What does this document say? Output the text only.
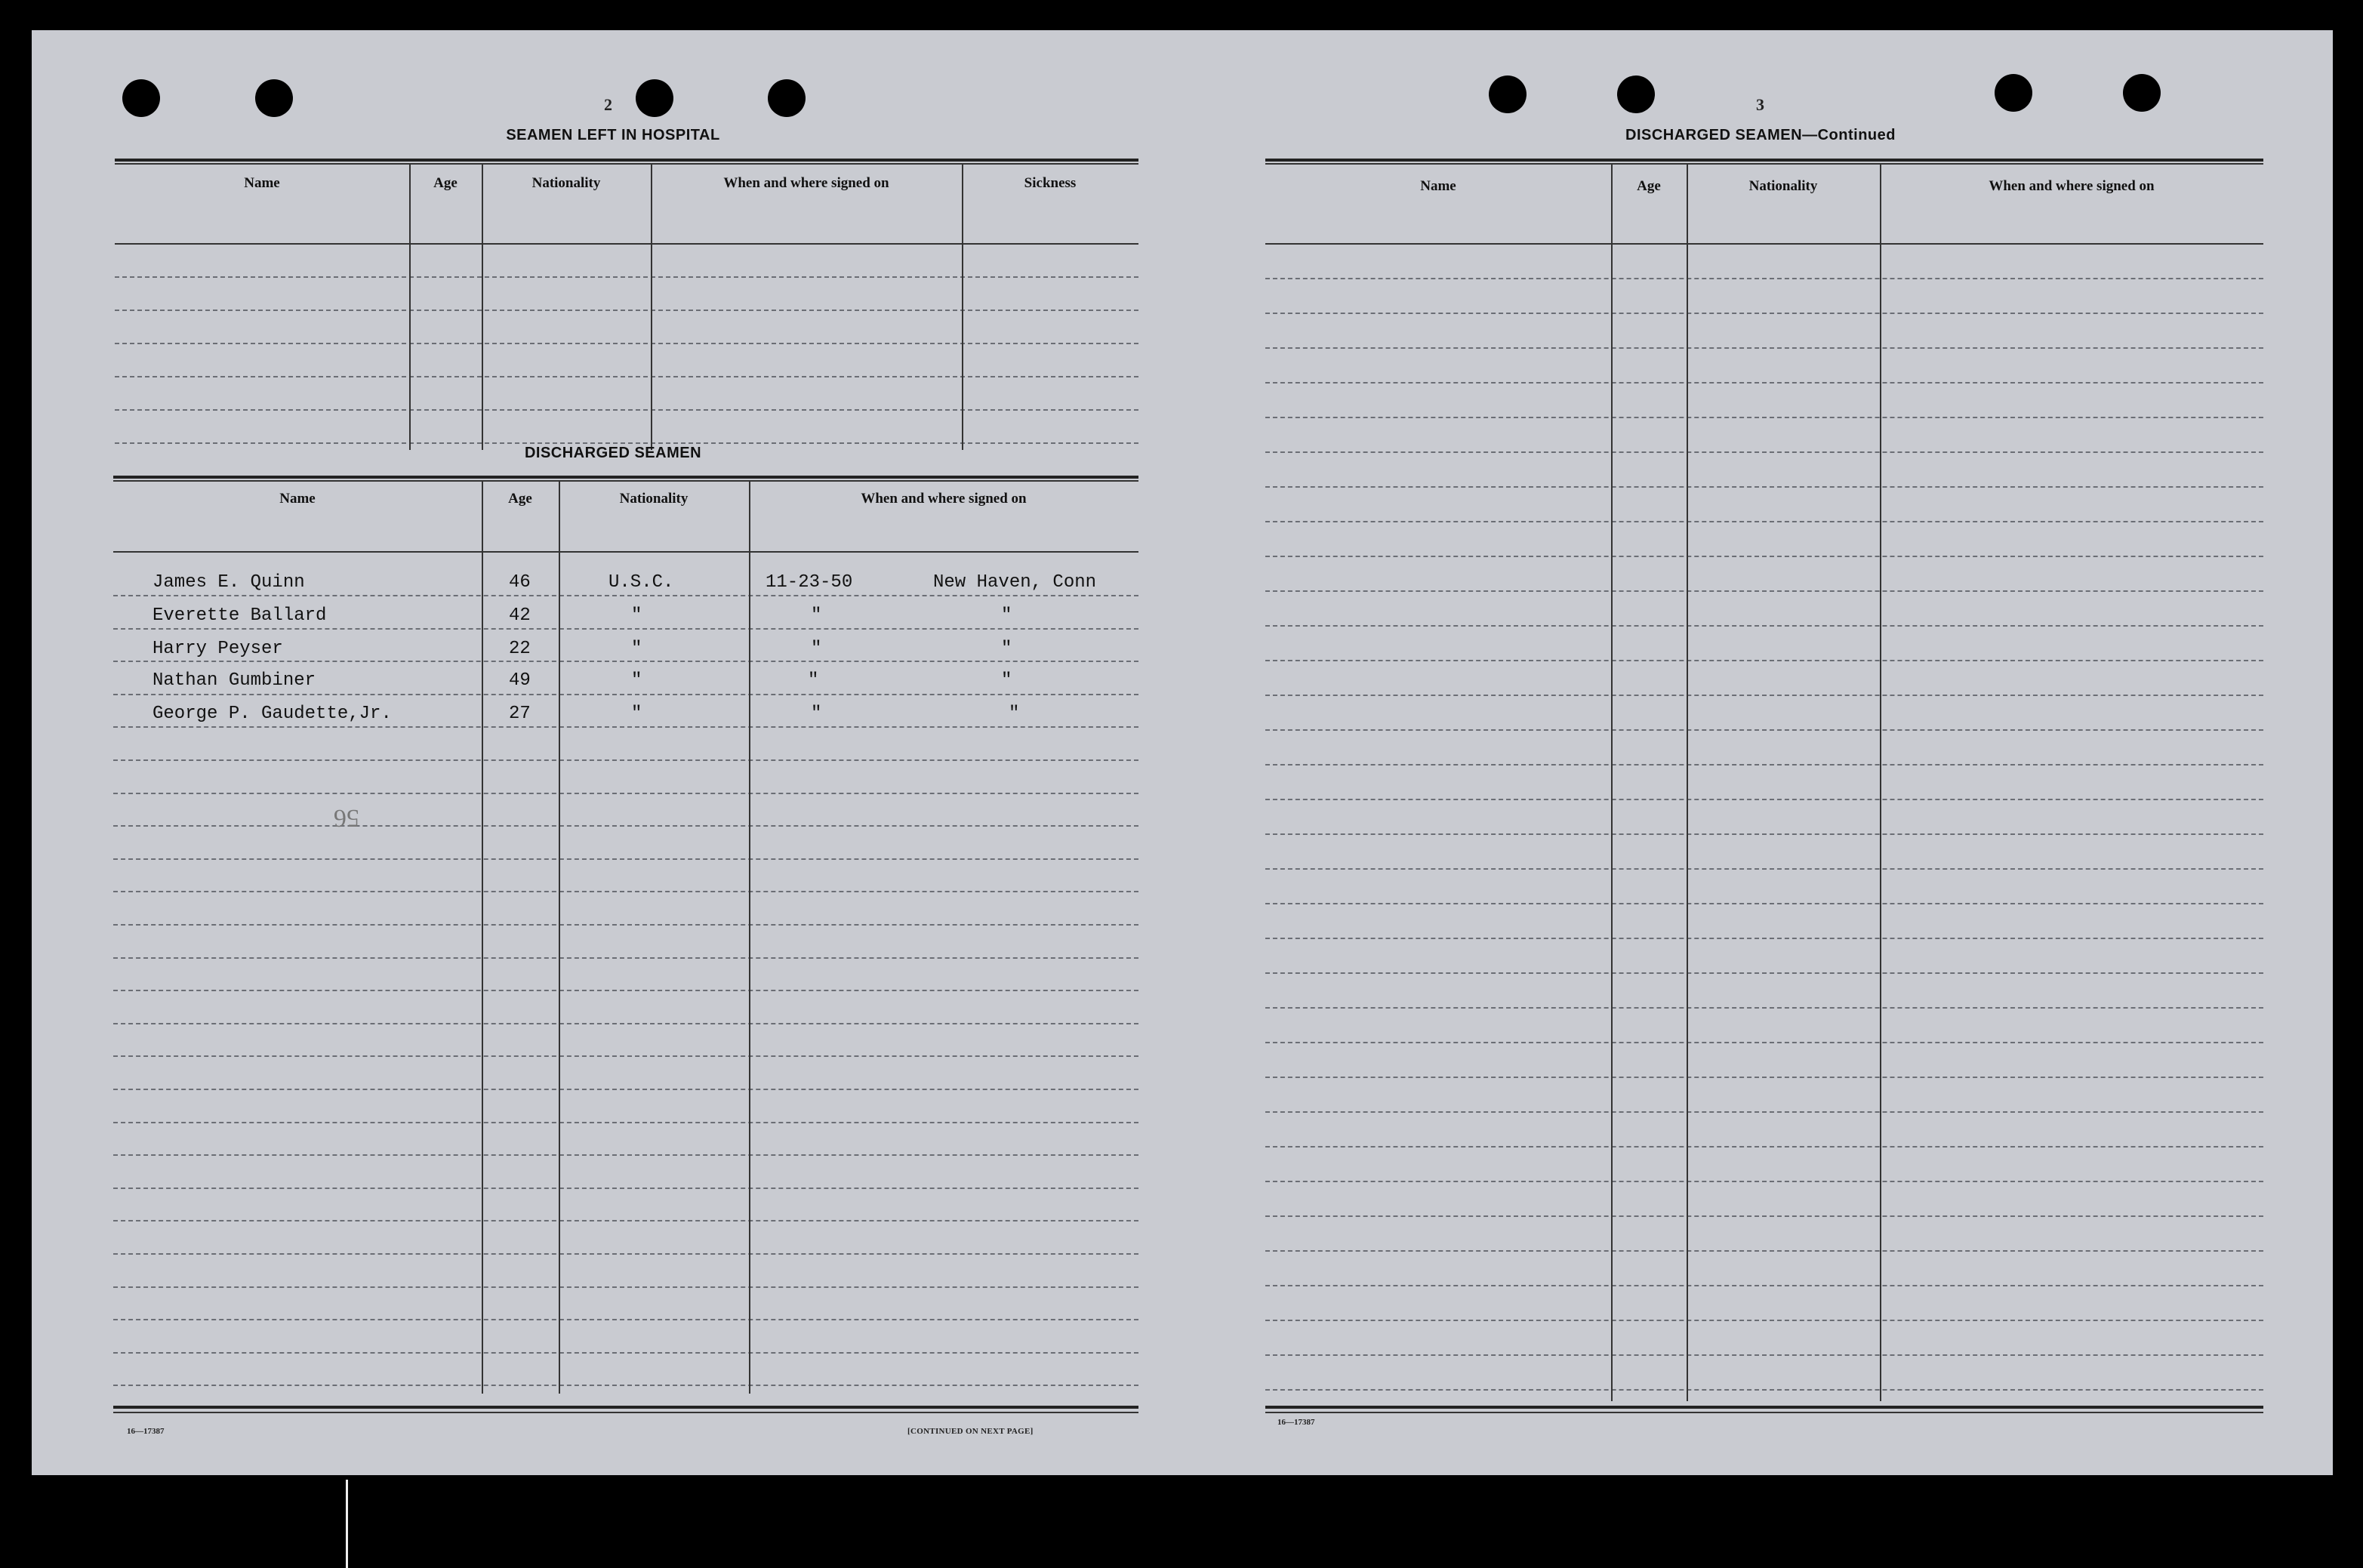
2
SEAMEN LEFT IN HOSPITAL
Name	Age	Nationality	When and where signed on	Sickness
DISCHARGED SEAMEN
Name	Age	Nationality	When and where signed on
James E. Quinn	46	U.S.C.	11-23-50	New Haven, Conn
Everette Ballard	42	"	"	"
Harry Peyser	22	"	"	"
Nathan Gumbiner	49	"	"	"
George P. Gaudette,Jr.	27	"	"	"
56
16—17387	[CONTINUED ON NEXT PAGE]
3
DISCHARGED SEAMEN—Continued
Name	Age	Nationality	When and where signed on
16—17387
